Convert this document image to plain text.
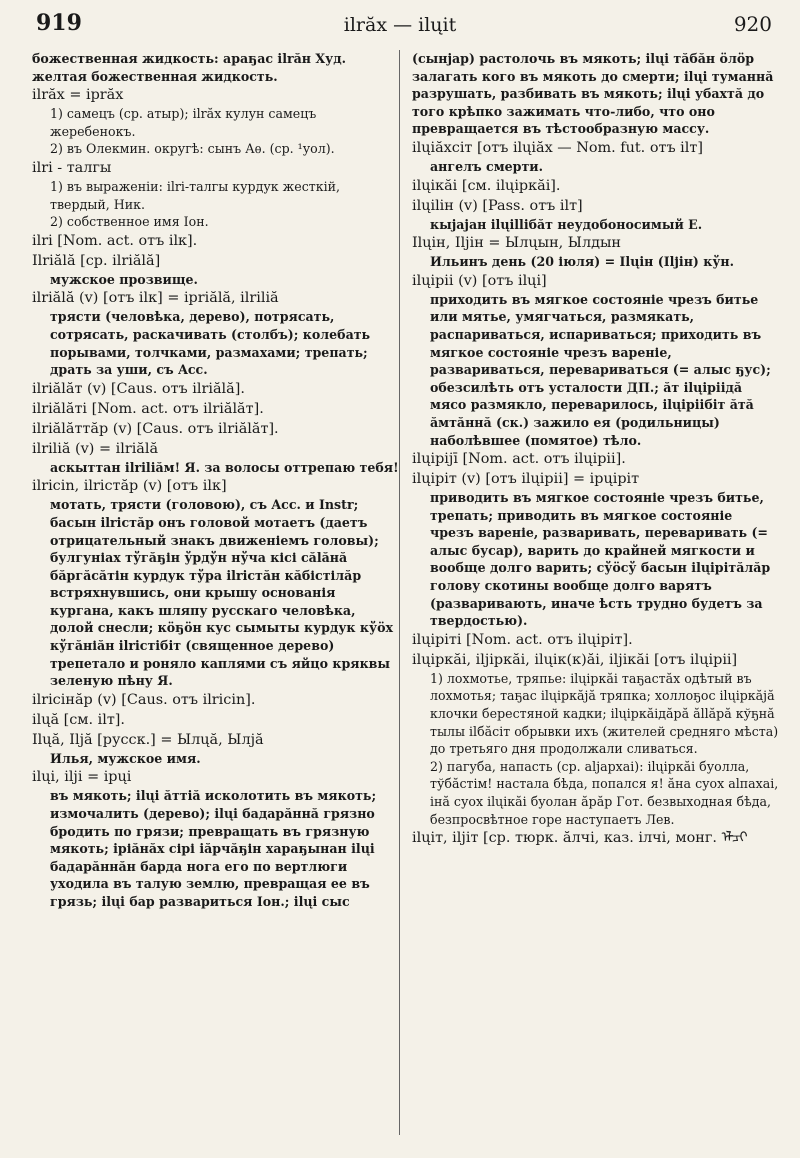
919	ilrăx — ilųit	920

божественная жидкость: араҕас ilrăн Худ. желтая божественная жидкость.

ilrăx = iprăx

1) самецъ (ср. атыр); ilrăx кулун самецъ жеребенокъ.

2) въ Олекмин. округѣ: сынъ Аѳ. (ср. ¹уол).

ilri - талгы

1) въ выраженіи: ilri-талгы курдук жесткій, твердый, Ник.

2) собственное имя Іон.

ilri [Nom. act. отъ ilк].

Ilriălă [ср. ilriălă]

мужское прозвище.

ilriălă (v) [отъ ilк] = ipriălă, ilriliă

трясти (человѣка, дерево), потрясать, сотрясать, раскачивать (столбъ); колебать порывами, толчками, размахами; трепать; драть за уши, съ Acc.

ilriălăт (v) [Caus. отъ ilriălă].

ilriălăтi [Nom. act. отъ ilriălăт].

ilriălăттăр (v) [Caus. отъ ilriălăт].

ilriliă (v) = ilriălă

аскыттан ilriliăм! Я. за волосы оттрепаю тебя!

ilricin, ilricтăр (v) [отъ ilк]

мотать, трясти (головою), съ Acc. и Instr; басын ilricтăр онъ головой мотаетъ (даетъ отрицательный знакъ движеніемъ головы); булгуніах тўгăҕін ўрдўн нўча кісі сălăнă бăргăсăтін курдук тўра ilricтăн кăбістілăр встряхнувшись, они крышу основанія кургана, какъ шляпу русскаго человѣка, долой снесли; кöҕöн кус сымыты курдук кўöх кўгăніăн ilricтiбiт (священное дерево) трепетало и роняло каплями съ яйцо кряквы зеленую пѣну Я.

ilricінăр (v) [Caus. отъ ilricin].

ilųă [см. ilт].

Ilųă, Ilјă [русск.] = Ылųă, Ылјă

Илья, мужское имя.

ilųi, ilјi = ipųi

въ мякоть; ilųi ăттiă исколотить въ мякоть; измочалить (дерево); ilųi бадарăннă грязно бродить по грязи; превращать въ грязную мякоть; iріăнăх сірі iăрчăҕін хараҕынан ilųi бадарăннăн барда нога его по вертлюги уходила въ талую землю, превращая ее въ грязь; ilųi бар развариться Іон.; ilųi сыс

(сынjар) растолочь въ мякоть; ilųi тăбăн öлöр залагать кого въ мякоть до смерти; ilųi туманнă разрушать, разбивать въ мякоть; ilųi убахтă до того крѣпко зажимать что-либо, что оно превращается въ тѣстообразную массу.

ilųiăхсiт [отъ ilųiăх — Nom. fut. отъ ilт]

ангелъ смерти.

ilųiкăi [см. ilųiркăi].

ilųiliн (v) [Pass. отъ ilт]

кыjаjан ilųilliбăт неудобоносимый Е.

Ilųiн, Ilјiн = Ылųын, Ылдын

Ильинъ день (20 іюля) = Ilųiн (Ilјiн) кўн.

ilųipii (v) [отъ ilųi]

приходить въ мягкое состояніе чрезъ битье или мятье, умягчаться, размякать, распариваться, испариваться; приходить въ мягкое состояніе чрезъ вареніе, развариваться, перевариваться (= алыс ҕус); обезсилѣть отъ усталости ДП.; ăт ilųipiiдă мясо размякло, переварилось, ilųipiiбiт ăтă ăмтăннă (ск.) зажило ея (родильницы) наболѣвшее (помятое) тѣло.

ilųipijī [Nom. act. отъ ilųipii].

ilųipiт (v) [отъ ilųipii] = ipųipiт

приводить въ мягкое состояніе чрезъ битье, трепать; приводить въ мягкое состояніе чрезъ вареніе, разваривать, переваривать (= алыс бусар), варить до крайней мягкости и вообще долго варить; сўöсў басын ilųipiтăлăр голову скотины вообще долго варятъ (разваривають, иначе ѣсть трудно будетъ за твердостью).

ilųipiтi [Nom. act. отъ ilųipiт].

ilųipкăi, iljipкăi, ilųiк(к)ăi, iljiкăi [отъ ilųipii]

1) лохмотье, тряпье: ilųipкăi таҕастăх одѣтый въ лохмотья; таҕас ilųipкăjă тряпка; холлоҕос ilųipкăjă клочки берестяной кадки; ilųipкăiдăрă ăllăрă кўҕнă тылы ilбăсiт обрывки ихъ (жителей средняго мѣста) до третьяго дня продолжали сливаться.

2) пагуба, напасть (ср. aljapxai): ilųipкăi буолла, тўбăстiм! настала бѣда, попался я! ăна суох alпахаi, iнă суох ilųiкăi буолан ăрăр Гот. безвыходная бѣда, безпросвѣтное горе наступаетъ Лев.

ilųiт, iljiт [ср. тюрк. ăлчi, каз. iлчi, монг. ᠡᠯᠴᠢ
